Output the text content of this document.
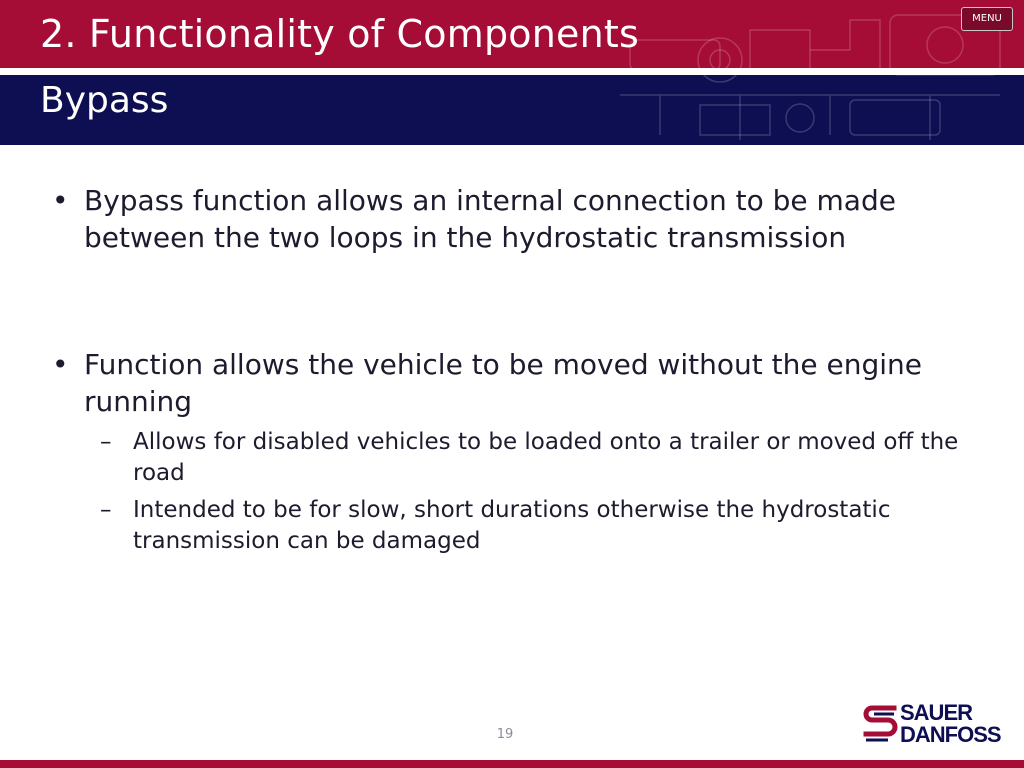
2. Functionality of Components
Bypass
MENU
• Bypass function allows an internal connection to be made between the two loops in the hydrostatic transmission
• Function allows the vehicle to be moved without the engine running
– Allows for disabled vehicles to be loaded onto a trailer or moved off the road
– Intended to be for slow, short durations otherwise the hydrostatic transmission can be damaged
19
SAUER
DANFOSS
